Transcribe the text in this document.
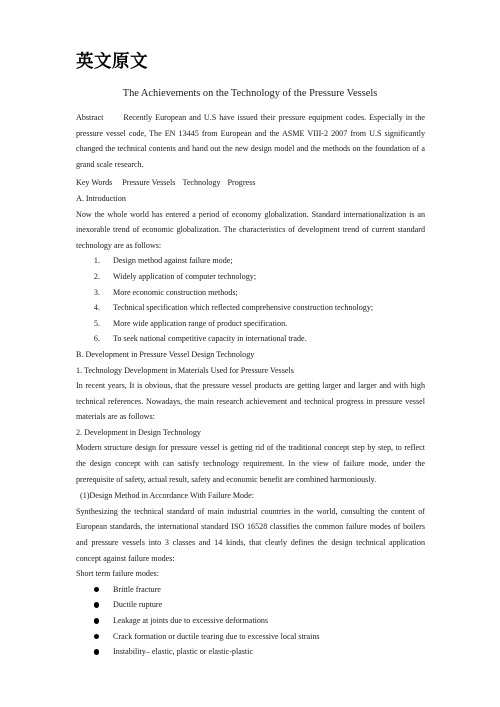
英文原文
The Achievements on the Technology of the Pressure Vessels

Abstract Recently European and U.S have issued their pressure equipment codes. Especially in the pressure vessel code, The EN 13445 from European and the ASME VIII-2 2007 from U.S significantly changed the technical contents and hand out the new design model and the methods on the foundation of a grand scale research.

Key Words Pressure Vessels Technology Progress

A. Introduction

Now the whole world has entered a period of economy globalization. Standard internationalization is an inexorable trend of economic globalization. The characteristics of development trend of current standard technology are as follows:

1.	Design method against failure mode;
2.	Widely application of computer technology;
3.	More economic construction methods;
4.	Technical specification which reflected comprehensive construction technology;
5.	More wide application range of product specification.
6.	To seek national competitive capacity in international trade.

B. Development in Pressure Vessel Design Technology

1. Technology Development in Materials Used for Pressure Vessels

In recent years, It is obvious, that the pressure vessel products are getting larger and larger and with high technical references. Nowadays, the main research achievement and technical progress in pressure vessel materials are as follows:

2. Development in Design Technology

Modern structure design for pressure vessel is getting rid of the traditional concept step by step, to reflect the design concept with can satisfy technology requirement. In the view of failure mode, under the prerequisite of safety, actual result, safety and economic benefit are combined harmoniously.

(1)Design Method in Accordance With Failure Mode:

Synthesizing the technical standard of main industrial countries in the world, consulting the content of European standards, the international standard ISO 16528 classifies the common failure modes of boilers and pressure vessels into 3 classes and 14 kinds, that clearly defines the design technical application concept against failure modes:

Short term failure modes:

Brittle fracture
Ductile rupture
Leakage at joints due to excessive deformations
Crack formation or ductile tearing due to excessive local strains
Instability– elastic, plastic or elastic-plastic
